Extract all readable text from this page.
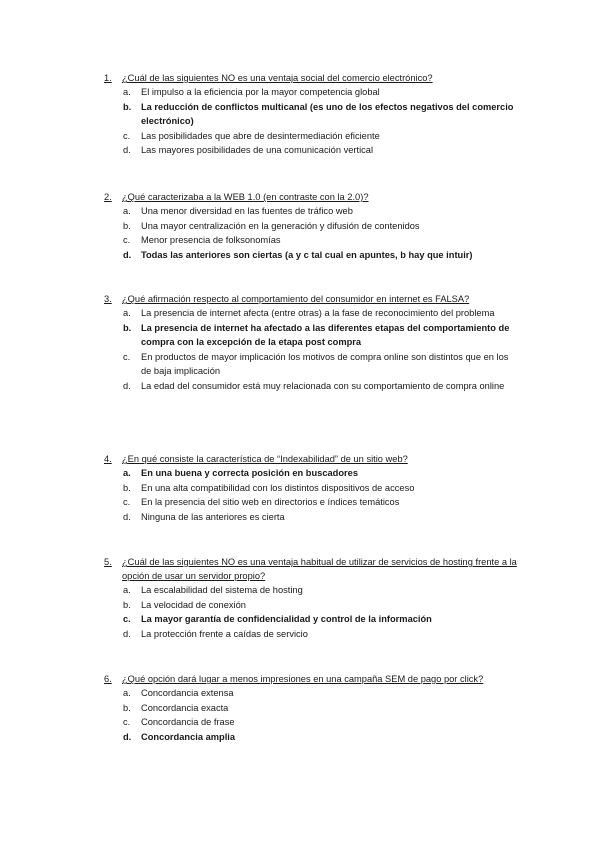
1. ¿Cuál de las siguientes NO es una ventaja social del comercio electrónico?
a. El impulso a la eficiencia por la mayor competencia global
b. La reducción de conflictos multicanal (es uno de los efectos negativos del comercio electrónico)
c. Las posibilidades que abre de desintermediación eficiente
d. Las mayores posibilidades de una comunicación vertical
2. ¿Qué caracterizaba a la WEB 1.0 (en contraste con la 2.0)?
a. Una menor diversidad en las fuentes de tráfico web
b. Una mayor centralización en la generación y difusión de contenidos
c. Menor presencia de folksonomías
d. Todas las anteriores son ciertas (a y c tal cual en apuntes, b hay que intuir)
3. ¿Qué afirmación respecto al comportamiento del consumidor en internet es FALSA?
a. La presencia de internet afecta (entre otras) a la fase de reconocimiento del problema
b. La presencia de internet ha afectado a las diferentes etapas del comportamiento de compra con la excepción de la etapa post compra
c. En productos de mayor implicación los motivos de compra online son distintos que en los de baja implicación
d. La edad del consumidor está muy relacionada con su comportamiento de compra online
4. ¿En qué consiste la característica de “Indexabilidad” de un sitio web?
a. En una buena y correcta posición en buscadores
b. En una alta compatibilidad con los distintos dispositivos de acceso
c. En la presencia del sitio web en directorios e índices temáticos
d. Ninguna de las anteriores es cierta
5. ¿Cuál de las siguientes NO es una ventaja habitual de utilizar de servicios de hosting frente a la opción de usar un servidor propio?
a. La escalabilidad del sistema de hosting
b. La velocidad de conexión
c. La mayor garantía de confidencialidad y control de la información
d. La protección frente a caídas de servicio
6. ¿Qué opción dará lugar a menos impresiones en una campaña SEM de pago por click?
a. Concordancia extensa
b. Concordancia exacta
c. Concordancia de frase
d. Concordancia amplia
